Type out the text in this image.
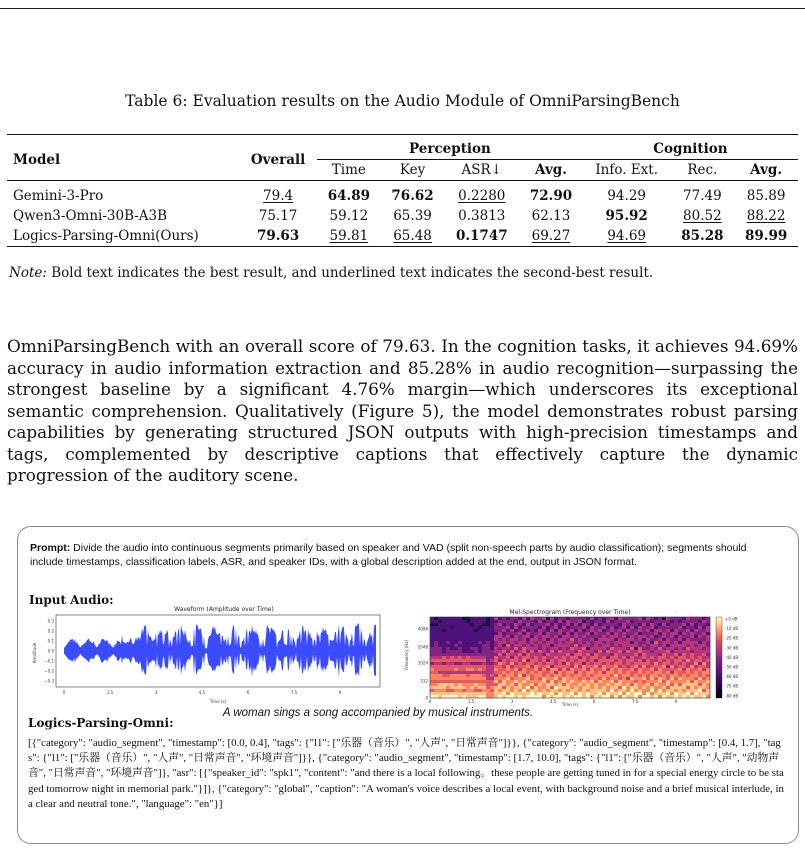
Table 6: Evaluation results on the Audio Module of OmniParsingBench
Model	Overall	Perception				Cognition		
		Time	Key	ASR↓	Avg.	Info. Ext.	Rec.	Avg.
Gemini-3-Pro	79.4	64.89	76.62	0.2280	72.90	94.29	77.49	85.89
Qwen3-Omni-30B-A3B	75.17	59.12	65.39	0.3813	62.13	95.92	80.52	88.22
Logics-Parsing-Omni(Ours)	79.63	59.81	65.48	0.1747	69.27	94.69	85.28	89.99
Note: Bold text indicates the best result, and underlined text indicates the second-best result.

OmniParsingBench with an overall score of 79.63. In the cognition tasks, it achieves 94.69% accuracy in audio information extraction and 85.28% in audio recognition—surpassing the strongest baseline by a significant 4.76% margin—which underscores its exceptional semantic comprehension. Qualitatively (Figure 5), the model demonstrates robust parsing capabilities by generating structured JSON outputs with high-precision timestamps and tags, complemented by descriptive captions that effectively capture the dynamic progression of the auditory scene.

Prompt: Divide the audio into continuous segments primarily based on speaker and VAD (split non-speech parts by audio classification); segments should include timestamps, classification labels, ASR, and speaker IDs, with a global description added at the end, output in JSON format.
Input Audio:
Waveform (Amplitude over Time)
Amplitude
Time (s)
0.3
0.2
0.1
0.0
−0.1
−0.2
−0.3
0	1.5	3	4.5	6	7.5	9
Mel-Spectrogram (Frequency over Time)
Frequency (Hz)
Time (s)
4096
2048
1024
512
0
0	1.5	3	4.5	6	7.5	9
+0 dB
-10 dB
-20 dB
-30 dB
-40 dB
-50 dB
-60 dB
-70 dB
-80 dB
A woman sings a song accompanied by musical instruments.
Logics-Parsing-Omni:
[{"category": "audio_segment", "timestamp": [0.0, 0.4], "tags": {"l1": ["乐器（音乐）", "人声", "日常声音"]}}, {"category": "audio_segment", "timestamp": [0.4, 1.7], "tags": {"l1": ["乐器（音乐）", "人声", "日常声音", "环境声音"]}}, {"category": "audio_segment", "timestamp": [1.7, 10.0], "tags": {"l1": ["乐器（音乐）", "人声", "动物声音", "日常声音", "环境声音"]}, "asr": [{"speaker_id": "spk1", "content": "and there is a local following。these people are getting tuned in for a special energy circle to be staged tomorrow night in memorial park."}]}, {"category": "global", "caption": "A woman's voice describes a local event, with background noise and a brief musical interlude, in a clear and neutral tone.", "language": "en"}]
